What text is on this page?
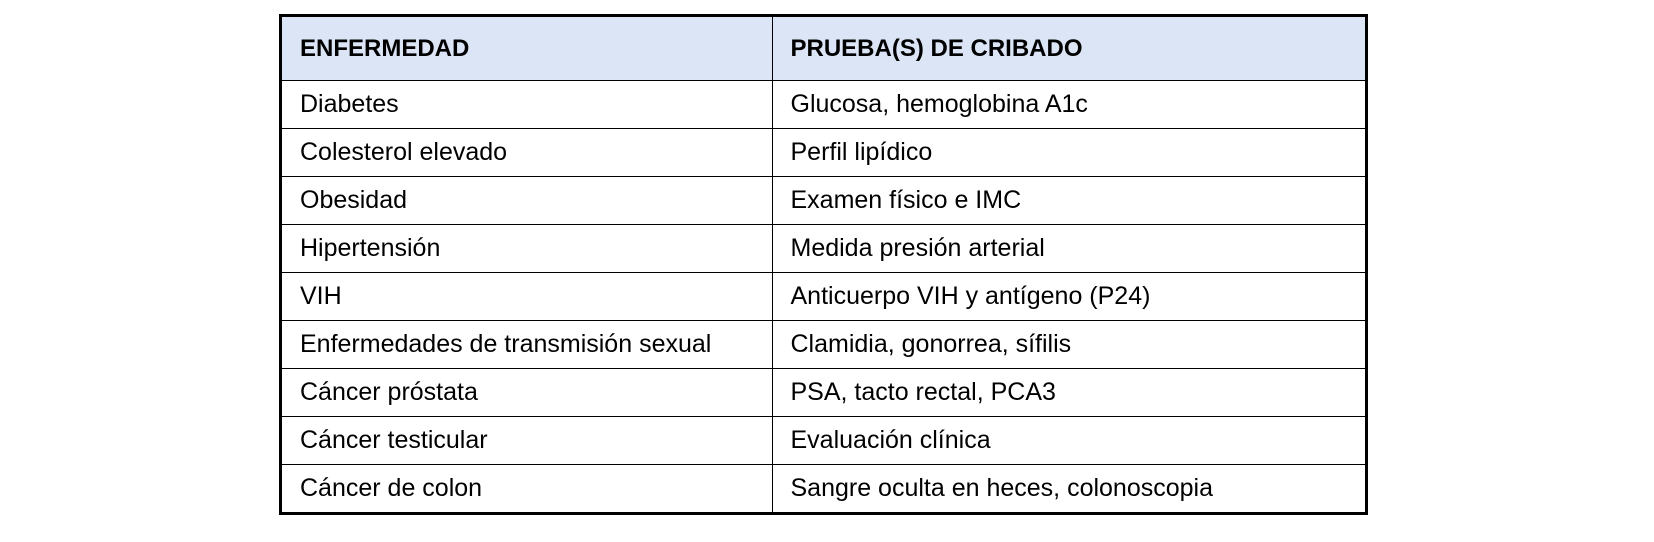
ENFERMEDAD	PRUEBA(S) DE CRIBADO
Diabetes	Glucosa, hemoglobina A1c
Colesterol elevado	Perfil lipídico
Obesidad	Examen físico e IMC
Hipertensión	Medida presión arterial
VIH	Anticuerpo VIH y antígeno (P24)
Enfermedades de transmisión sexual	Clamidia, gonorrea, sífilis
Cáncer próstata	PSA, tacto rectal, PCA3
Cáncer testicular	Evaluación clínica
Cáncer de colon	Sangre oculta en heces, colonoscopia
